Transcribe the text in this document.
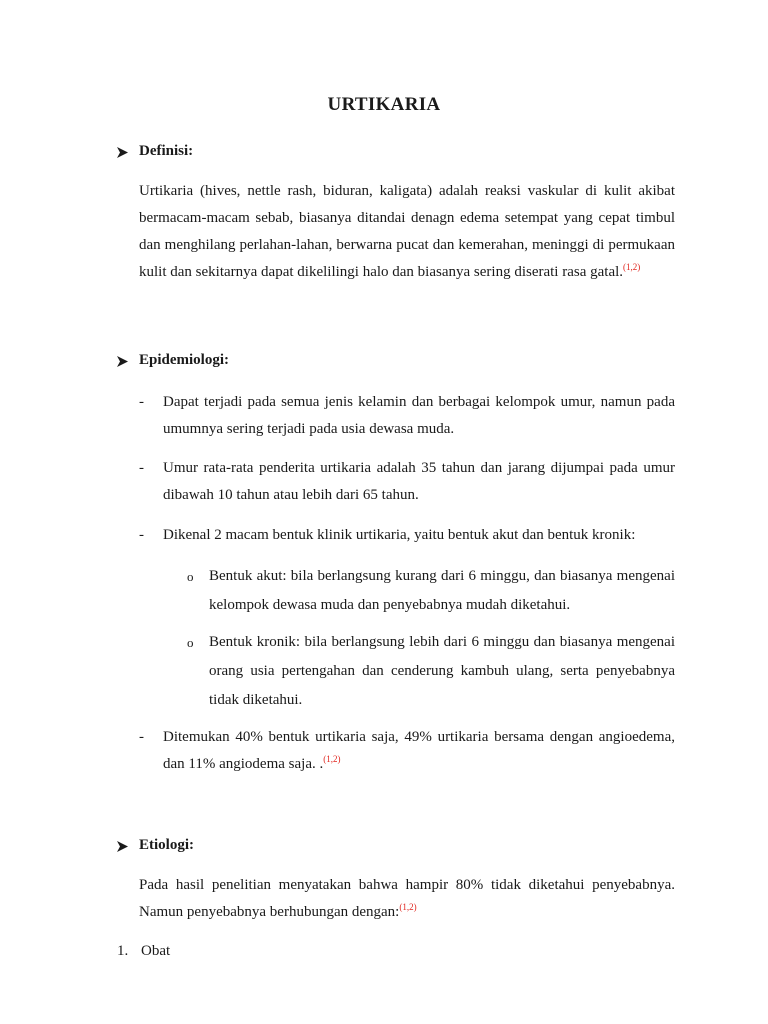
URTIKARIA
Definisi:
Urtikaria (hives, nettle rash, biduran, kaligata) adalah reaksi vaskular di kulit akibat bermacam-macam sebab, biasanya ditandai denagn edema setempat yang cepat timbul dan menghilang perlahan-lahan, berwarna pucat dan kemerahan, meninggi di permukaan kulit dan sekitarnya dapat dikelilingi halo dan biasanya sering diserati rasa gatal.$^{(1,2)}$
Epidemiologi:
- Dapat terjadi pada semua jenis kelamin dan berbagai kelompok umur, namun pada umumnya sering terjadi pada usia dewasa muda.
- Umur rata-rata penderita urtikaria adalah 35 tahun dan jarang dijumpai pada umur dibawah 10 tahun atau lebih dari 65 tahun.
- Dikenal 2 macam bentuk klinik urtikaria, yaitu bentuk akut dan bentuk kronik:
o Bentuk akut: bila berlangsung kurang dari 6 minggu, dan biasanya mengenai kelompok dewasa muda dan penyebabnya mudah diketahui.
o Bentuk kronik: bila berlangsung lebih dari 6 minggu dan biasanya mengenai orang usia pertengahan dan cenderung kambuh ulang, serta penyebabnya tidak diketahui.
- Ditemukan 40% bentuk urtikaria saja, 49% urtikaria bersama dengan angioedema, dan 11% angiodema saja. .$^{(1,2)}$
Etiologi:
Pada hasil penelitian menyatakan bahwa hampir 80% tidak diketahui penyebabnya. Namun penyebabnya berhubungan dengan:$^{(1,2)}$
1. Obat
